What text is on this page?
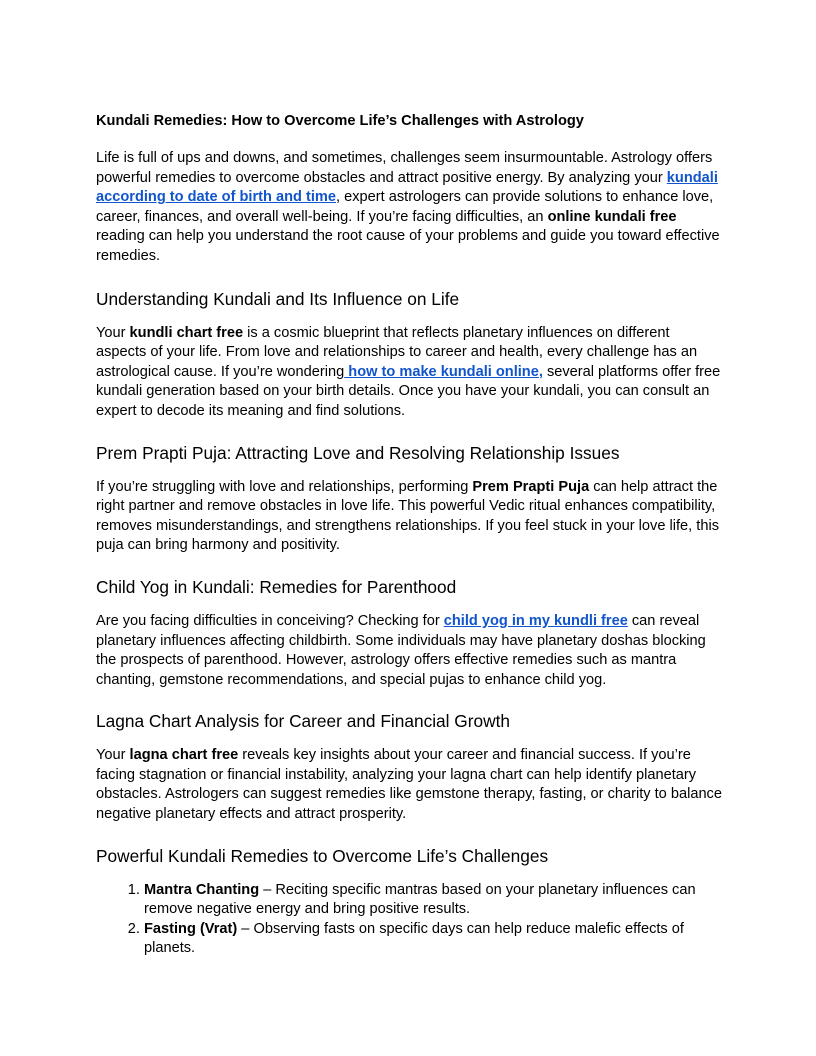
Kundali Remedies: How to Overcome Life’s Challenges with Astrology

Life is full of ups and downs, and sometimes, challenges seem insurmountable. Astrology offers powerful remedies to overcome obstacles and attract positive energy. By analyzing your kundali according to date of birth and time, expert astrologers can provide solutions to enhance love, career, finances, and overall well-being. If you’re facing difficulties, an online kundali free reading can help you understand the root cause of your problems and guide you toward effective remedies.

Understanding Kundali and Its Influence on Life

Your kundli chart free is a cosmic blueprint that reflects planetary influences on different aspects of your life. From love and relationships to career and health, every challenge has an astrological cause. If you’re wondering how to make kundali online, several platforms offer free kundali generation based on your birth details. Once you have your kundali, you can consult an expert to decode its meaning and find solutions.

Prem Prapti Puja: Attracting Love and Resolving Relationship Issues

If you’re struggling with love and relationships, performing Prem Prapti Puja can help attract the right partner and remove obstacles in love life. This powerful Vedic ritual enhances compatibility, removes misunderstandings, and strengthens relationships. If you feel stuck in your love life, this puja can bring harmony and positivity.

Child Yog in Kundali: Remedies for Parenthood

Are you facing difficulties in conceiving? Checking for child yog in my kundli free can reveal planetary influences affecting childbirth. Some individuals may have planetary doshas blocking the prospects of parenthood. However, astrology offers effective remedies such as mantra chanting, gemstone recommendations, and special pujas to enhance child yog.

Lagna Chart Analysis for Career and Financial Growth

Your lagna chart free reveals key insights about your career and financial success. If you’re facing stagnation or financial instability, analyzing your lagna chart can help identify planetary obstacles. Astrologers can suggest remedies like gemstone therapy, fasting, or charity to balance negative planetary effects and attract prosperity.

Powerful Kundali Remedies to Overcome Life’s Challenges
1. Mantra Chanting – Reciting specific mantras based on your planetary influences can remove negative energy and bring positive results.
2. Fasting (Vrat) – Observing fasts on specific days can help reduce malefic effects of planets.
